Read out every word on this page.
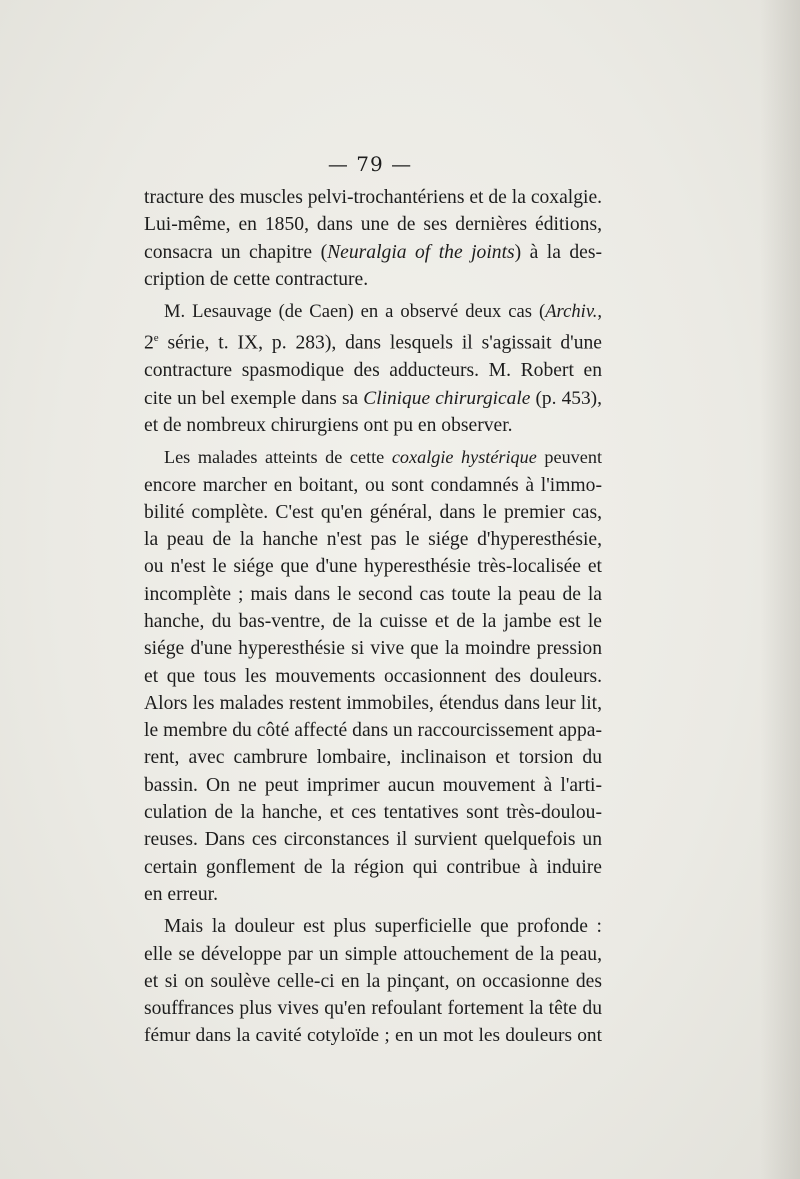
— 79 —

tracture des muscles pelvi-trochantériens et de la coxalgie.
Lui-même, en 1850, dans une de ses dernières éditions,
consacra un chapitre (Neuralgia of the joints) à la des-
cription de cette contracture.

M. Lesauvage (de Caen) en a observé deux cas (Archiv.,
2e série, t. IX, p. 283), dans lesquels il s'agissait d'une
contracture spasmodique des adducteurs. M. Robert en
cite un bel exemple dans sa Clinique chirurgicale (p. 453),
et de nombreux chirurgiens ont pu en observer.

Les malades atteints de cette coxalgie hystérique peuvent
encore marcher en boitant, ou sont condamnés à l'immo-
bilité complète. C'est qu'en général, dans le premier cas,
la peau de la hanche n'est pas le siége d'hyperesthésie,
ou n'est le siége que d'une hyperesthésie très-localisée et
incomplète ; mais dans le second cas toute la peau de la
hanche, du bas-ventre, de la cuisse et de la jambe est le
siége d'une hyperesthésie si vive que la moindre pression
et que tous les mouvements occasionnent des douleurs.
Alors les malades restent immobiles, étendus dans leur lit,
le membre du côté affecté dans un raccourcissement appa-
rent, avec cambrure lombaire, inclinaison et torsion du
bassin. On ne peut imprimer aucun mouvement à l'arti-
culation de la hanche, et ces tentatives sont très-doulou-
reuses. Dans ces circonstances il survient quelquefois un
certain gonflement de la région qui contribue à induire
en erreur.

Mais la douleur est plus superficielle que profonde :
elle se développe par un simple attouchement de la peau,
et si on soulève celle-ci en la pinçant, on occasionne des
souffrances plus vives qu'en refoulant fortement la tête du
fémur dans la cavité cotyloïde ; en un mot les douleurs ont
